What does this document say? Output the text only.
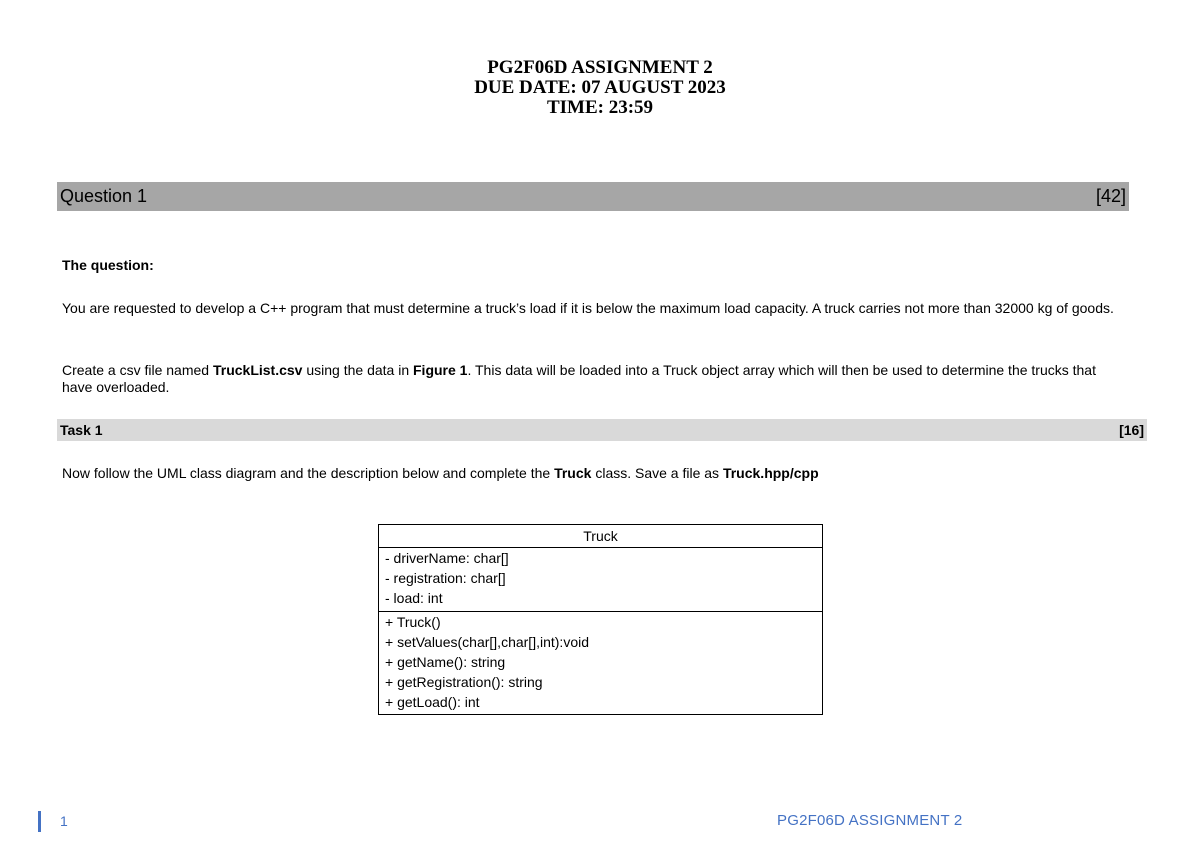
PG2F06D ASSIGNMENT 2
DUE DATE: 07 AUGUST 2023
TIME: 23:59
Question 1	[42]
The question:
You are requested to develop a C++ program that must determine a truck’s load if it is below the maximum load capacity. A truck carries not more than 32000 kg of goods.
Create a csv file named TruckList.csv using the data in Figure 1. This data will be loaded into a Truck object array which will then be used to determine the trucks that have overloaded.
Task 1	[16]
Now follow the UML class diagram and the description below and complete the Truck class. Save a file as Truck.hpp/cpp
Truck
- driverName: char[]
- registration: char[]
- load: int
+ Truck()
+ setValues(char[],char[],int):void
+ getName(): string
+ getRegistration(): string
+ getLoad(): int
1	PG2F06D ASSIGNMENT 2
